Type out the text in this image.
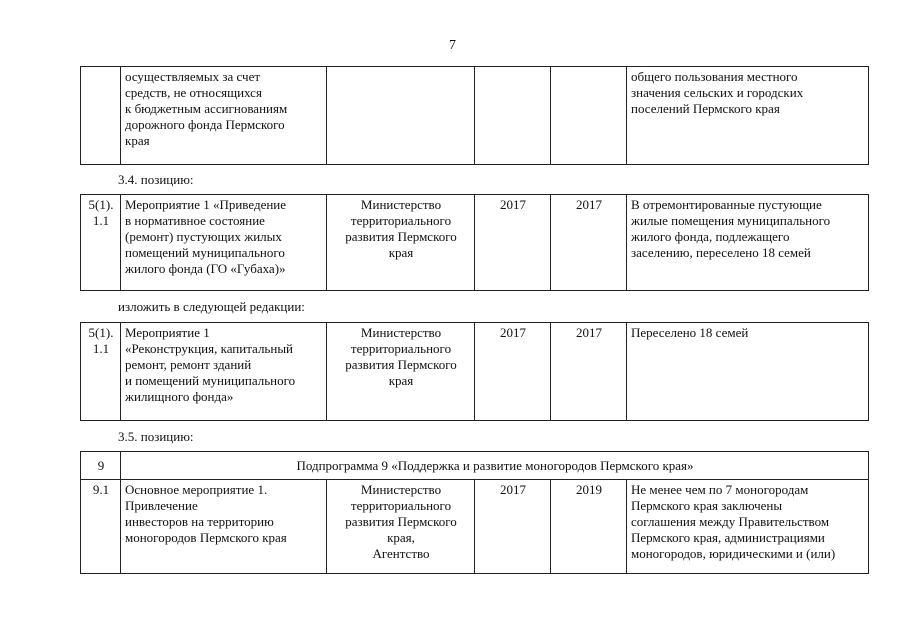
7
	осуществляемых за счет
средств, не относящихся
к бюджетным ассигнованиям
дорожного фонда Пермского
края				общего пользования местного
значения сельских и городских
поселений Пермского края
3.4. позицию:
5(1).
1.1	Мероприятие 1 «Приведение
в нормативное состояние
(ремонт) пустующих жилых
помещений муниципального
жилого фонда (ГО «Губаха)»	Министерство
территориального
развития Пермского
края	2017	2017	В отремонтированные пустующие
жилые помещения муниципального
жилого фонда, подлежащего
заселению, переселено 18 семей
изложить в следующей редакции:
5(1).
1.1	Мероприятие 1
«Реконструкция, капитальный
ремонт, ремонт зданий
и помещений муниципального
жилищного фонда»	Министерство
территориального
развития Пермского
края	2017	2017	Переселено 18 семей
3.5. позицию:
9	Подпрограмма 9 «Поддержка и развитие моногородов Пермского края»				
9.1	Основное мероприятие 1.
Привлечение
инвесторов на территорию
моногородов Пермского края	Министерство
территориального
развития Пермского
края,
Агентство	2017	2019	Не менее чем по 7 моногородам
Пермского края заключены
соглашения между Правительством
Пермского края, администрациями
моногородов, юридическими и (или)
